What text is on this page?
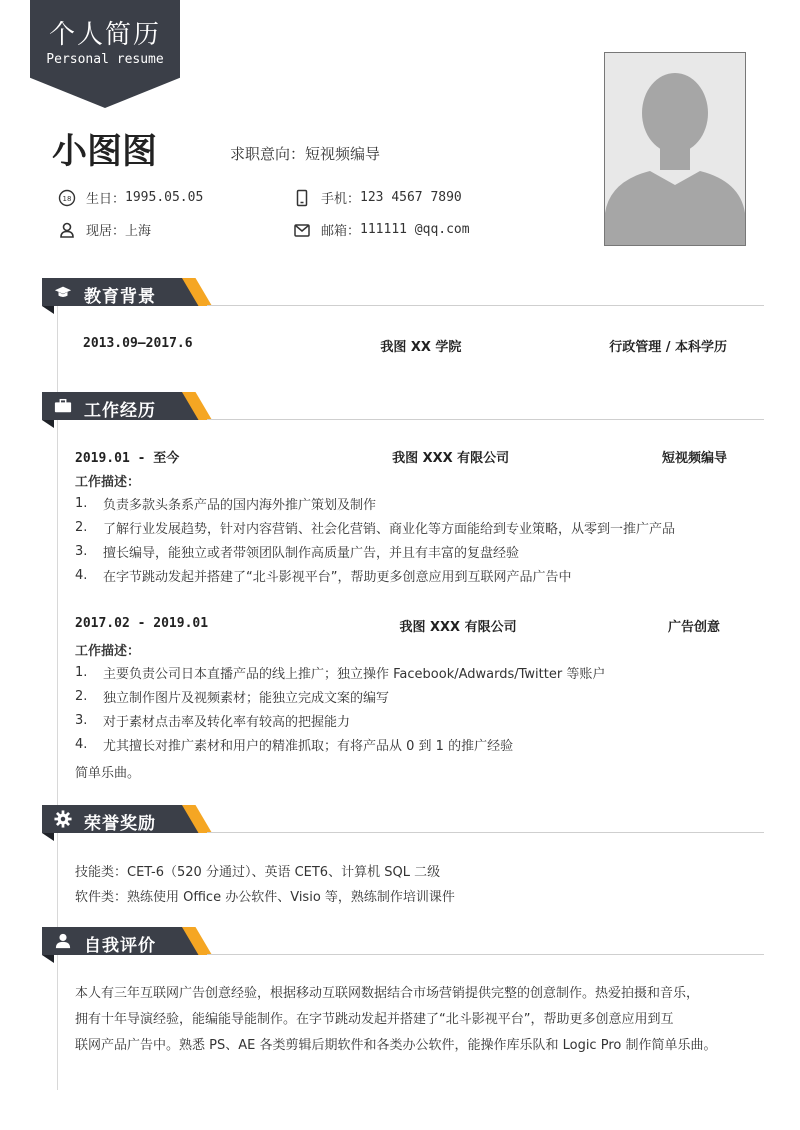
个人简历
Personal resume
小图图	求职意向：短视频编导
18 生日： 1995.05.05
现居： 上海
手机： 123 4567 7890
邮箱： 111111 @qq.com
教育背景
2013.09—2017.6	我图 XX 学院	行政管理 / 本科学历
工作经历
2019.01 - 至今	我图 XXX 有限公司	短视频编导
工作描述：
1. 负责多款头条系产品的国内海外推广策划及制作
2. 了解行业发展趋势，针对内容营销、社会化营销、商业化等方面能给到专业策略，从零到一推广产品
3. 擅长编导，能独立或者带领团队制作高质量广告，并且有丰富的复盘经验
4. 在字节跳动发起并搭建了“北斗影视平台”，帮助更多创意应用到互联网产品广告中
2017.02 - 2019.01	我图 XXX 有限公司	广告创意
工作描述：
1. 主要负责公司日本直播产品的线上推广；独立操作 Facebook/Adwards/Twitter 等账户
2. 独立制作图片及视频素材；能独立完成文案的编写
3. 对于素材点击率及转化率有较高的把握能力
4. 尤其擅长对推广素材和用户的精准抓取；有将产品从 0 到 1 的推广经验
简单乐曲。
荣誉奖励
技能类：CET-6（520 分通过）、英语 CET6、计算机 SQL 二级
软件类：熟练使用 Office 办公软件、Visio 等，熟练制作培训课件
自我评价
本人有三年互联网广告创意经验，根据移动互联网数据结合市场营销提供完整的创意制作。热爱拍摄和音乐，
拥有十年导演经验，能编能导能制作。在字节跳动发起并搭建了“北斗影视平台”，帮助更多创意应用到互
联网产品广告中。熟悉 PS、AE 各类剪辑后期软件和各类办公软件，能操作库乐队和 Logic Pro 制作简单乐曲。
